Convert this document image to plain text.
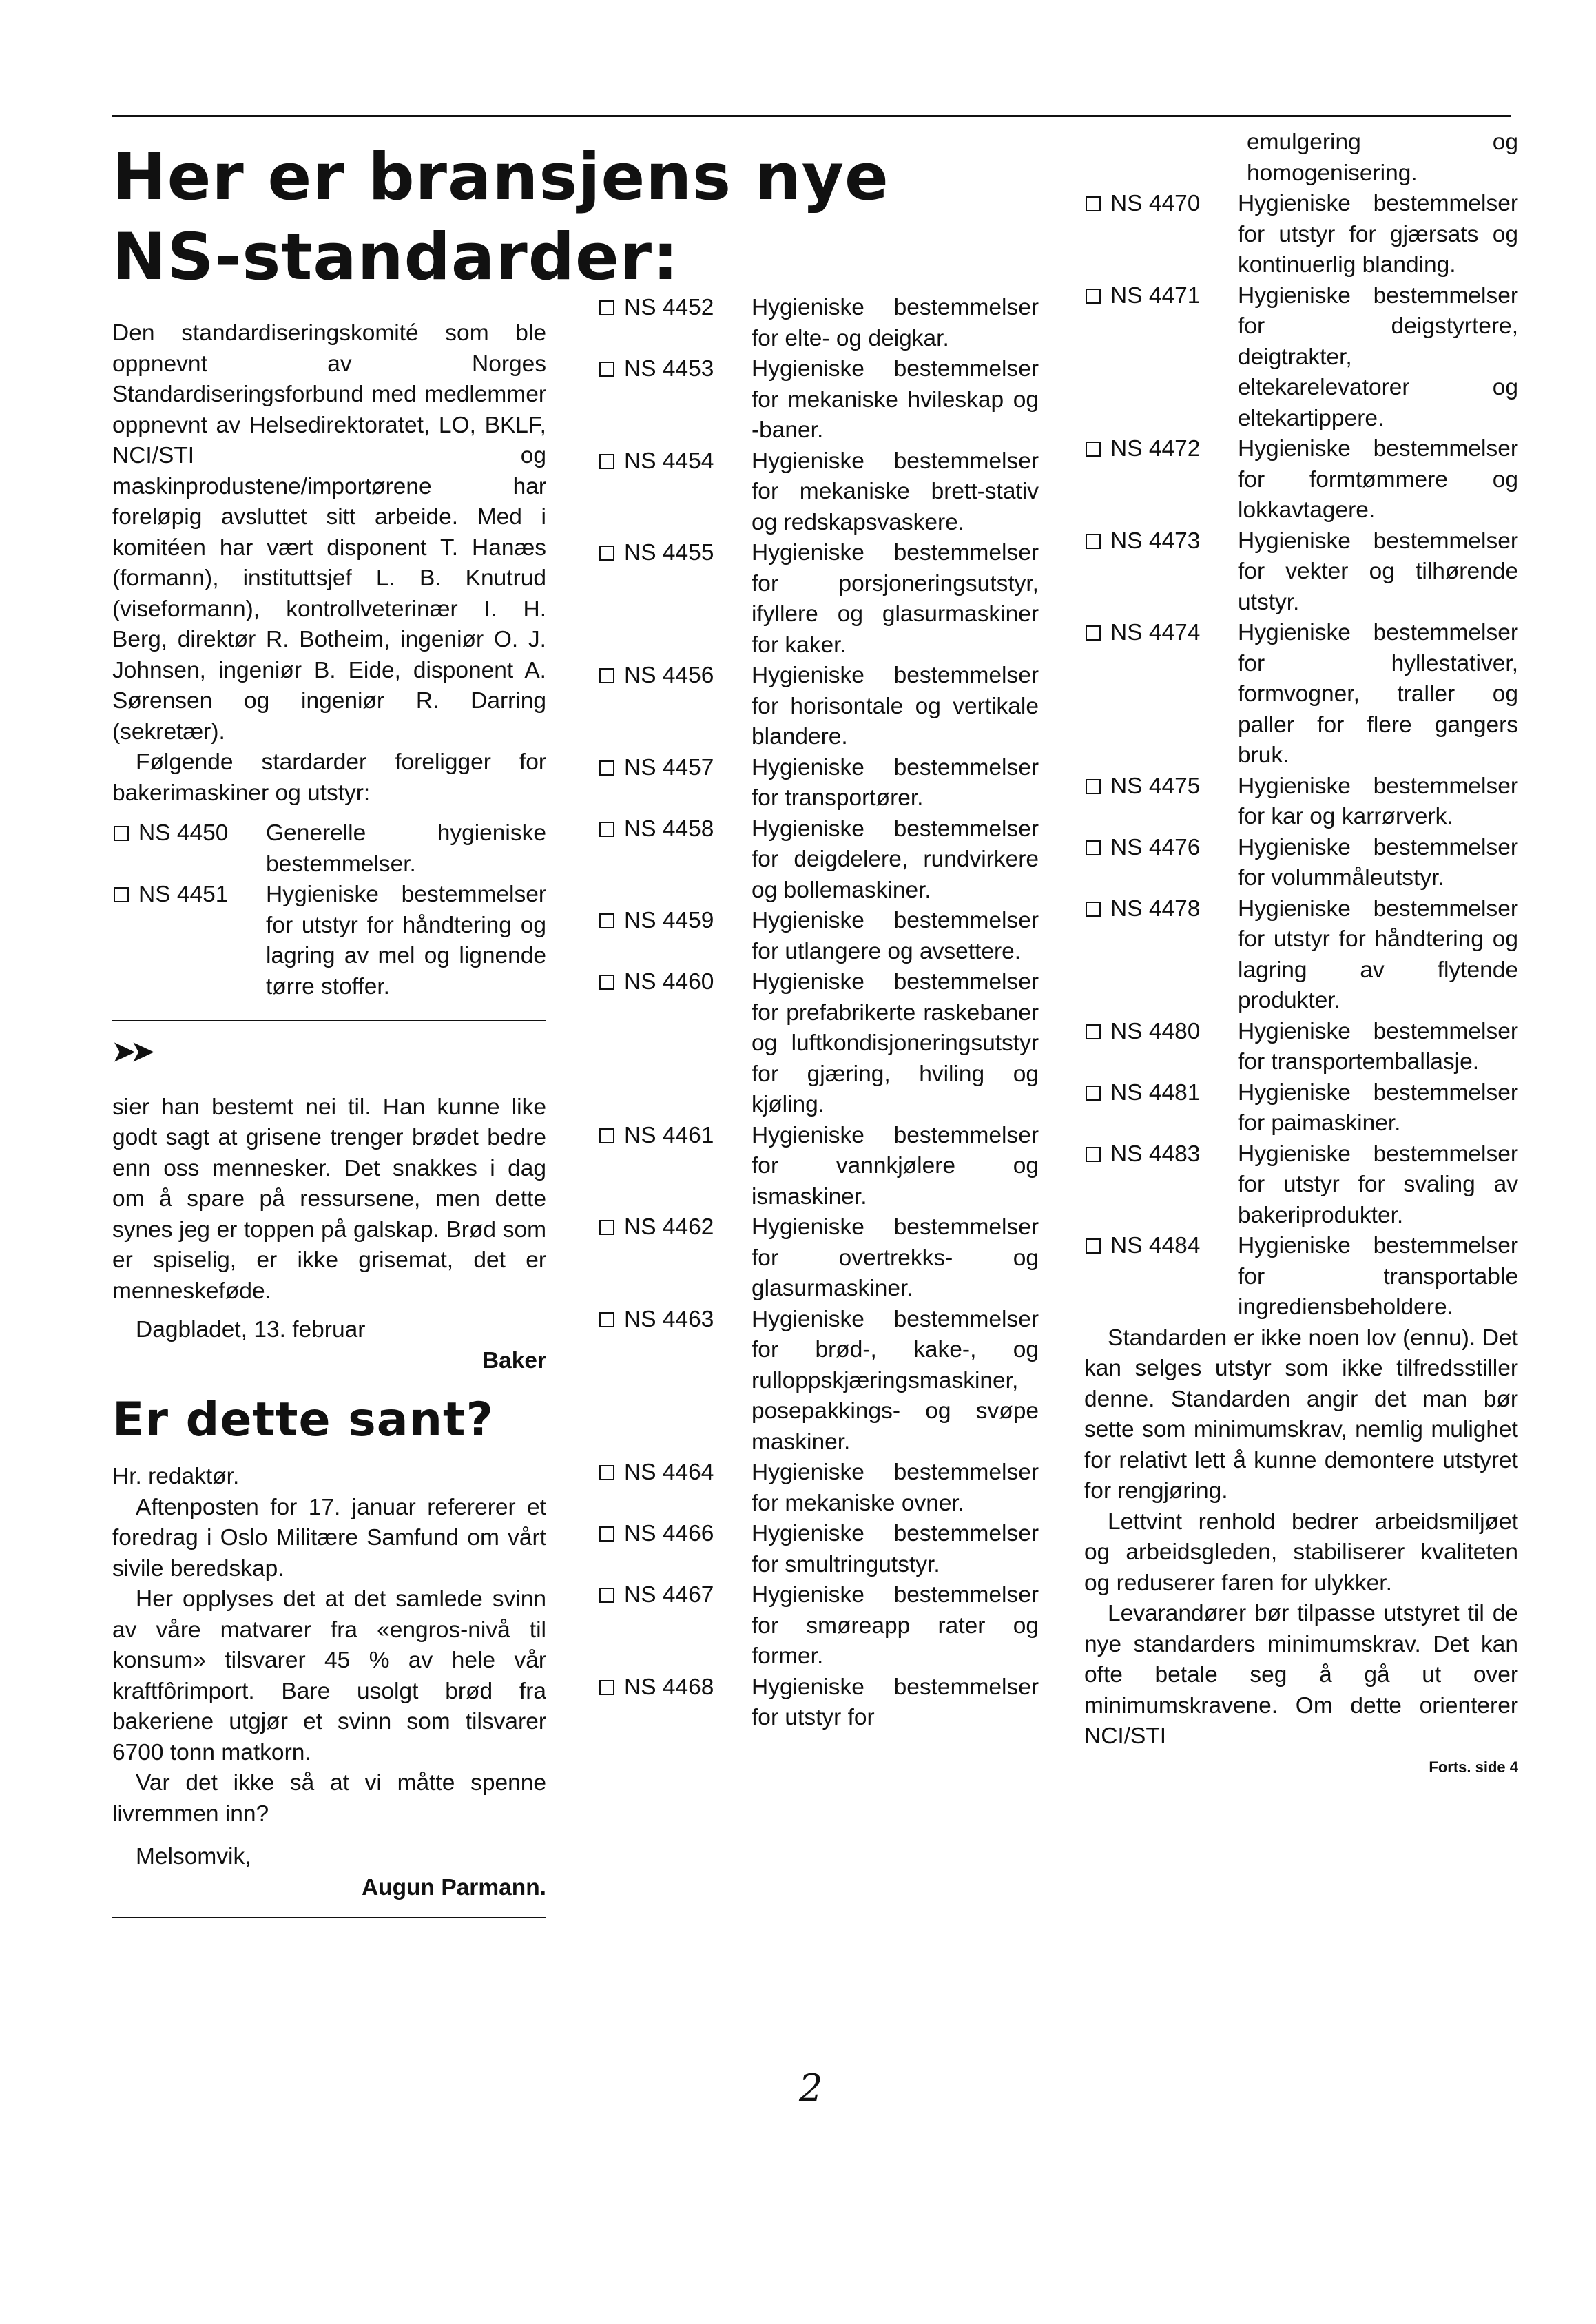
Her er bransjens nye
NS-standarder:
Den standardiseringskomité som ble oppnevnt av Norges Standardiseringsforbund med medlemmer oppnevnt av Helsedirektoratet, LO, BKLF, NCI/STI og maskinprodustene/importørene har foreløpig avsluttet sitt arbeide. Med i komitéen har vært disponent T. Hanæs (formann), instituttsjef L. B. Knutrud (viseformann), kontrollveterinær I. H. Berg, direktør R. Botheim, ingeniør O. J. Johnsen, ingeniør B. Eide, disponent A. Sørensen og ingeniør R. Darring (sekretær).
Følgende stardarder foreligger for bakerimaskiner og utstyr:
NS 4450	Generelle hygieniske bestemmelser.
NS 4451	Hygieniske bestemmelser for utstyr for håndtering og lagring av mel og lignende tørre stoffer.
➤➤
sier han bestemt nei til. Han kunne like godt sagt at grisene trenger brødet bedre enn oss mennesker. Det snakkes i dag om å spare på ressursene, men dette synes jeg er toppen på galskap. Brød som er spiselig, er ikke grisemat, det er menneskeføde.
Dagbladet, 13. februar
Baker
Er dette sant?
Hr. redaktør.
Aftenposten for 17. januar refererer et foredrag i Oslo Militære Samfund om vårt sivile beredskap.
Her opplyses det at det samlede svinn av våre matvarer fra «engros-nivå til konsum» tilsvarer 45 % av hele vår kraftfôrimport. Bare usolgt brød fra bakeriene utgjør et svinn som tilsvarer 6700 tonn matkorn.
Var det ikke så at vi måtte spenne livremmen inn?
Melsomvik,
Augun Parmann.
NS 4452	Hygieniske bestemmelser for elte- og deigkar.
NS 4453	Hygieniske bestemmelser for mekaniske hvileskap og -baner.
NS 4454	Hygieniske bestemmelser for mekaniske brett-stativ og redskapsvaskere.
NS 4455	Hygieniske bestemmelser for porsjoneringsutstyr, ifyllere og glasurmaskiner for kaker.
NS 4456	Hygieniske bestemmelser for horisontale og vertikale blandere.
NS 4457	Hygieniske bestemmelser for transportører.
NS 4458	Hygieniske bestemmelser for deigdelere, rundvirkere og bollemaskiner.
NS 4459	Hygieniske bestemmelser for utlangere og avsettere.
NS 4460	Hygieniske bestemmelser for prefabrikerte raskebaner og luftkondisjoneringsutstyr for gjæring, hviling og kjøling.
NS 4461	Hygieniske bestemmelser for vannkjølere og ismaskiner.
NS 4462	Hygieniske bestemmelser for overtrekks- og glasurmaskiner.
NS 4463	Hygieniske bestemmelser for brød-, kake-, og rulloppskjæringsmaskiner, posepakkings- og svøpe maskiner.
NS 4464	Hygieniske bestemmelser for mekaniske ovner.
NS 4466	Hygieniske bestemmelser for smultringutstyr.
NS 4467	Hygieniske bestemmelser for smøreapp rater og former.
NS 4468	Hygieniske bestemmelser for utstyr for
emulgering og homogenisering.
NS 4470	Hygieniske bestemmelser for utstyr for gjærsats og kontinuerlig blanding.
NS 4471	Hygieniske bestemmelser for deigstyrtere, deigtrakter, eltekarelevatorer og eltekartippere.
NS 4472	Hygieniske bestemmelser for formtømmere og lokkavtagere.
NS 4473	Hygieniske bestemmelser for vekter og tilhørende utstyr.
NS 4474	Hygieniske bestemmelser for hyllestativer, formvogner, traller og paller for flere gangers bruk.
NS 4475	Hygieniske bestemmelser for kar og karrørverk.
NS 4476	Hygieniske bestemmelser for volummåleutstyr.
NS 4478	Hygieniske bestemmelser for utstyr for håndtering og lagring av flytende produkter.
NS 4480	Hygieniske bestemmelser for transportemballasje.
NS 4481	Hygieniske bestemmelser for paimaskiner.
NS 4483	Hygieniske bestemmelser for utstyr for svaling av bakeriprodukter.
NS 4484	Hygieniske bestemmelser for transportable ingrediensbeholdere.
Standarden er ikke noen lov (ennu). Det kan selges utstyr som ikke tilfredsstiller denne. Standarden angir det man bør sette som minimumskrav, nemlig mulighet for relativt lett å kunne demontere utstyret for rengjøring.
Lettvint renhold bedrer arbeidsmiljøet og arbeidsgleden, stabiliserer kvaliteten og reduserer faren for ulykker.
Levarandører bør tilpasse utstyret til de nye standarders minimumskrav. Det kan ofte betale seg å gå ut over minimumskravene. Om dette orienterer NCI/STI
Forts. side 4
2
